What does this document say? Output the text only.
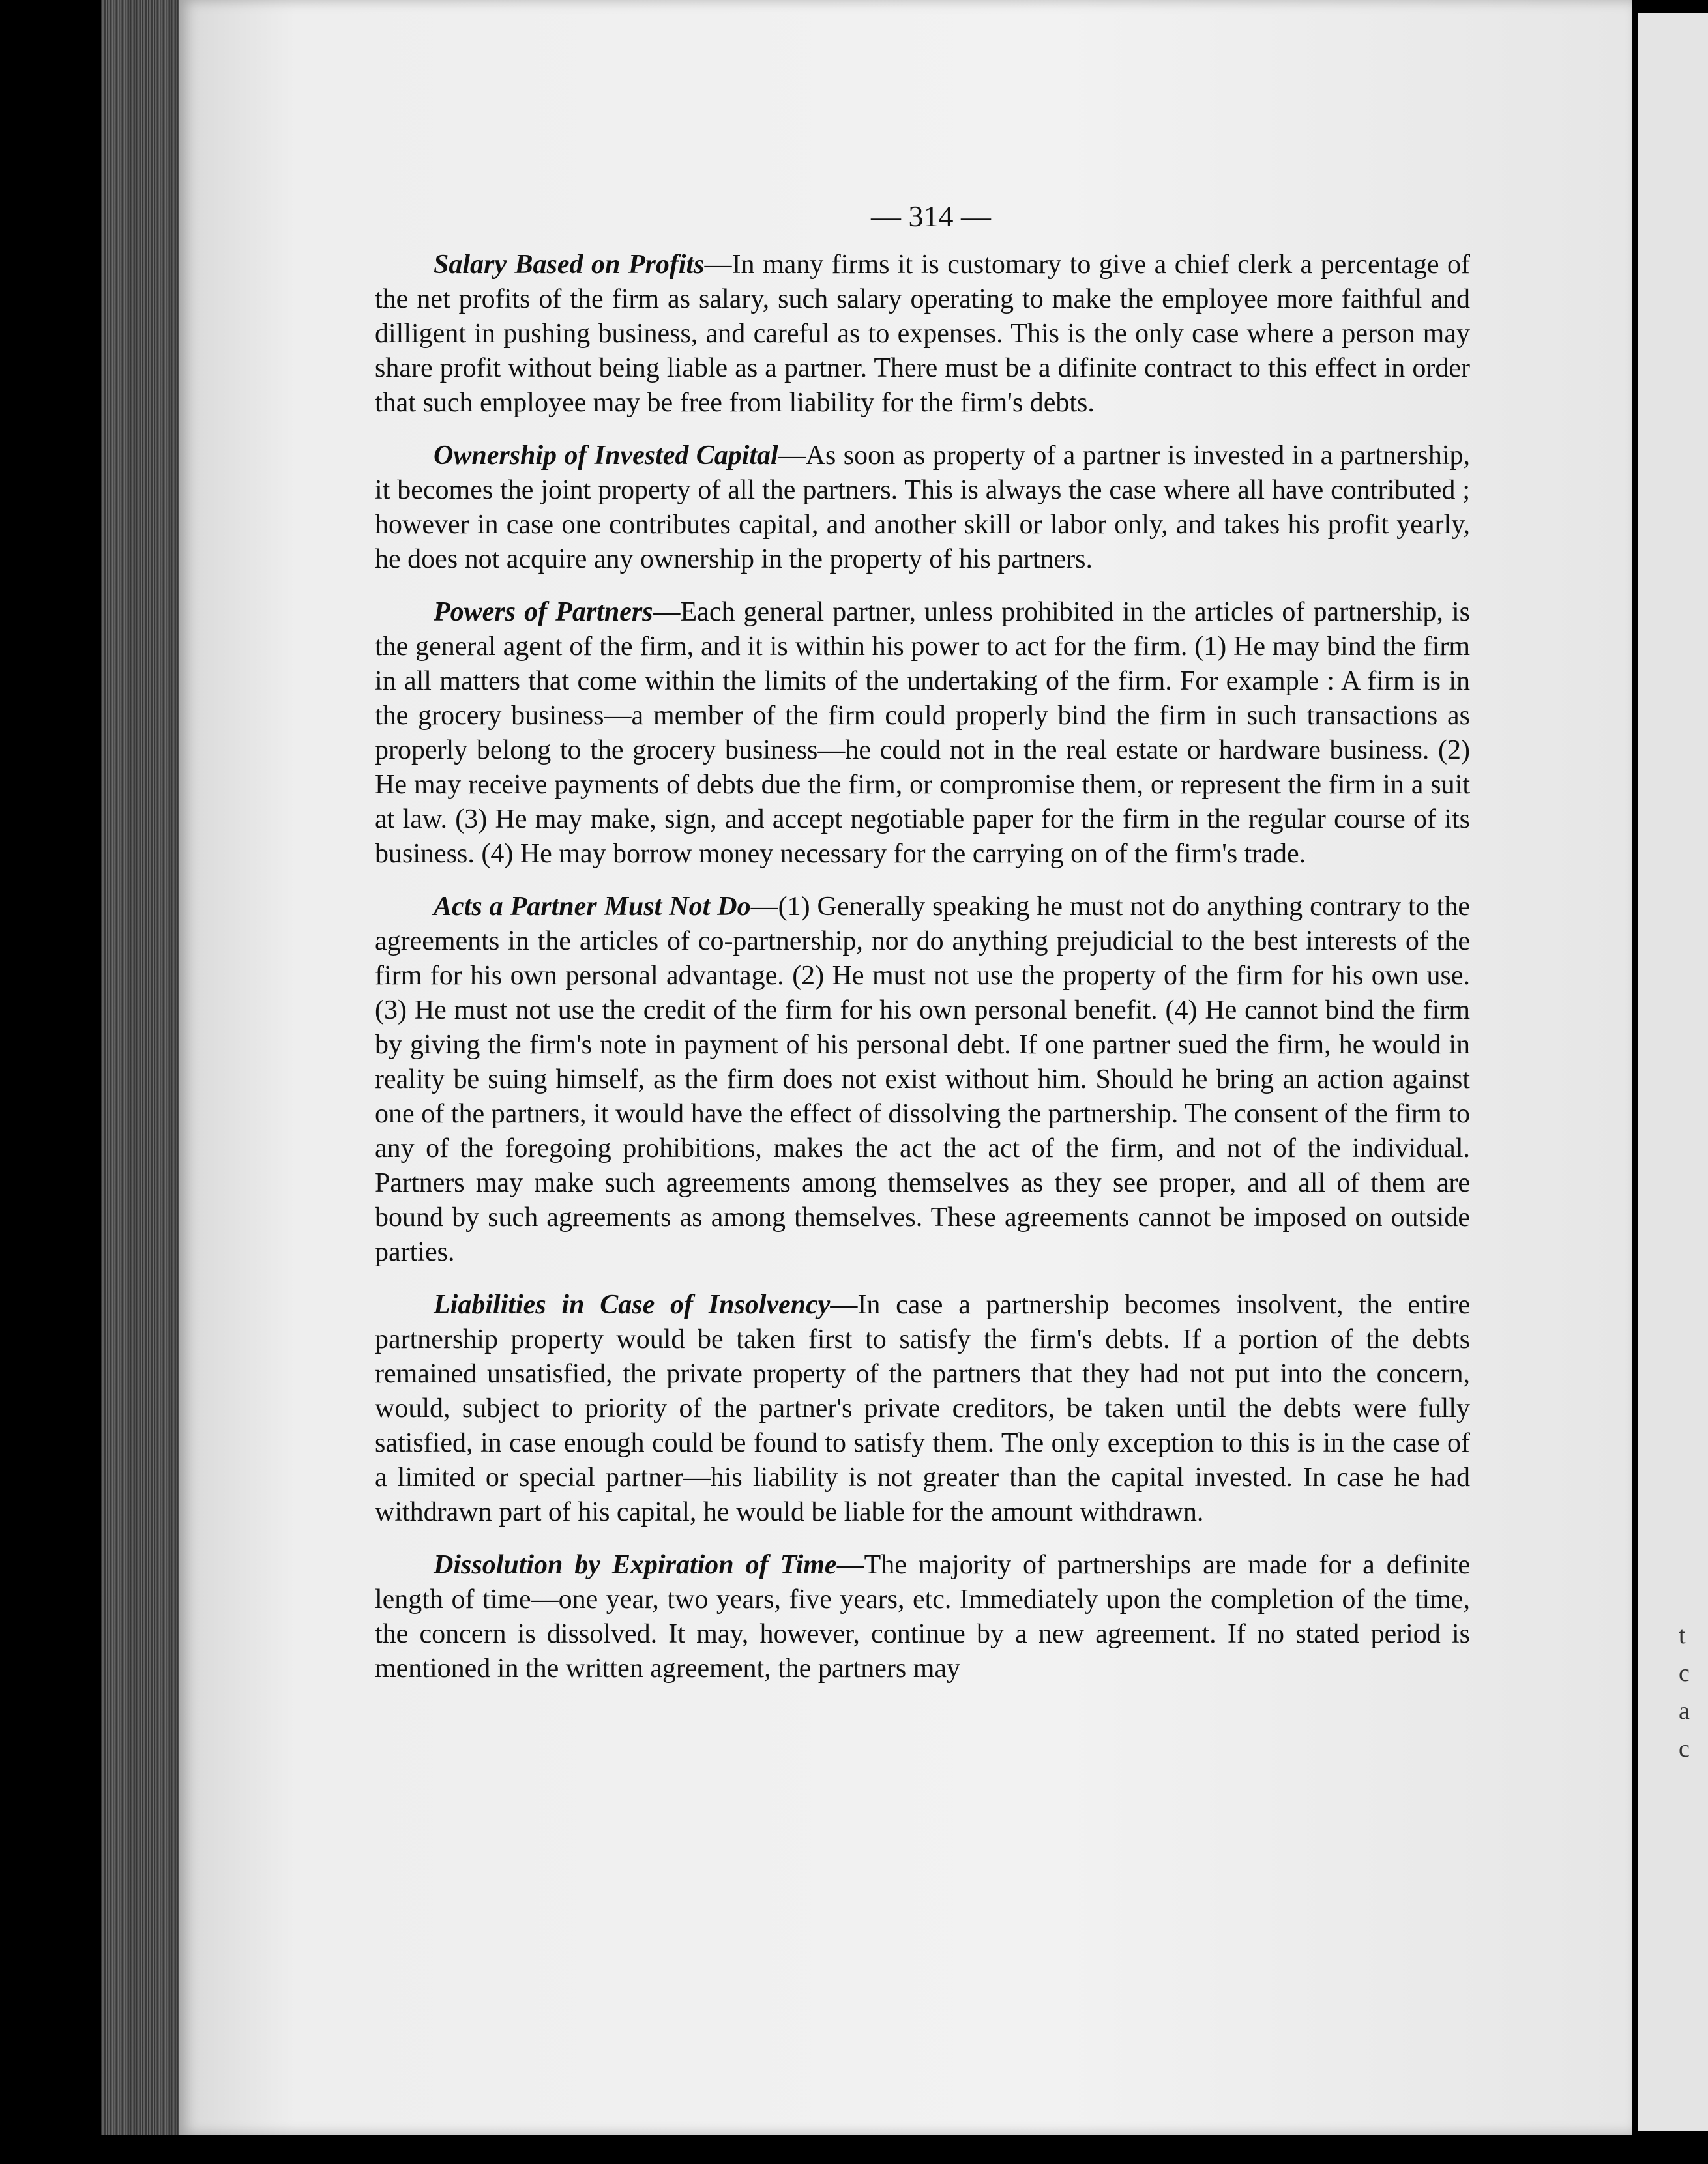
t
c
a
c
— 314 —

Salary Based on Profits—In many firms it is customary to give a chief clerk a percentage of the net profits of the firm as salary, such salary operating to make the employee more faithful and dilligent in pushing business, and careful as to expenses. This is the only case where a person may share profit without being liable as a partner. There must be a difinite contract to this effect in order that such employee may be free from liability for the firm's debts.

Ownership of Invested Capital—As soon as property of a partner is invested in a partnership, it becomes the joint property of all the partners. This is always the case where all have contributed ; however in case one contributes capital, and another skill or labor only, and takes his profit yearly, he does not acquire any ownership in the property of his partners.

Powers of Partners—Each general partner, unless prohibited in the articles of partnership, is the general agent of the firm, and it is within his power to act for the firm. (1) He may bind the firm in all matters that come within the limits of the undertaking of the firm. For example : A firm is in the grocery business—a member of the firm could properly bind the firm in such transactions as properly belong to the grocery business—he could not in the real estate or hardware business. (2) He may receive payments of debts due the firm, or compromise them, or represent the firm in a suit at law. (3) He may make, sign, and accept negotiable paper for the firm in the regular course of its business. (4) He may borrow money necessary for the carrying on of the firm's trade.

Acts a Partner Must Not Do—(1) Generally speaking he must not do anything contrary to the agreements in the articles of co-partnership, nor do anything prejudicial to the best interests of the firm for his own personal advantage. (2) He must not use the property of the firm for his own use. (3) He must not use the credit of the firm for his own personal benefit. (4) He cannot bind the firm by giving the firm's note in payment of his personal debt. If one partner sued the firm, he would in reality be suing himself, as the firm does not exist without him. Should he bring an action against one of the partners, it would have the effect of dissolving the partnership. The consent of the firm to any of the foregoing prohibitions, makes the act the act of the firm, and not of the individual. Partners may make such agreements among themselves as they see proper, and all of them are bound by such agreements as among themselves. These agreements cannot be imposed on outside parties.

Liabilities in Case of Insolvency—In case a partnership becomes insolvent, the entire partnership property would be taken first to satisfy the firm's debts. If a portion of the debts remained unsatisfied, the private property of the partners that they had not put into the concern, would, subject to priority of the partner's private creditors, be taken until the debts were fully satisfied, in case enough could be found to satisfy them. The only exception to this is in the case of a limited or special partner—his liability is not greater than the capital invested. In case he had withdrawn part of his capital, he would be liable for the amount withdrawn.

Dissolution by Expiration of Time—The majority of partnerships are made for a definite length of time—one year, two years, five years, etc. Immediately upon the completion of the time, the concern is dissolved. It may, however, continue by a new agreement. If no stated period is mentioned in the written agreement, the partners may
